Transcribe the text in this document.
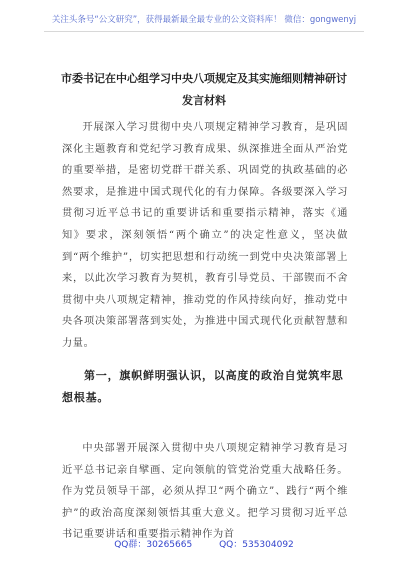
关注头条号“公文研究”，获得最新最全最专业的公文资料库！ 微信：gongwenyj
市委书记在中心组学习中央八项规定及其实施细则精神研讨发言材料
开展深入学习贯彻中央八项规定精神学习教育，是巩固深化主题教育和党纪学习教育成果、纵深推进全面从严治党的重要举措，是密切党群干群关系、巩固党的执政基础的必然要求，是推进中国式现代化的有力保障。各级要深入学习贯彻习近平总书记的重要讲话和重要指示精神，落实《通知》要求，深刻领悟“两个确立”的决定性意义，坚决做到“两个维护”，切实把思想和行动统一到党中央决策部署上来，以此次学习教育为契机，教育引导党员、干部锲而不舍贯彻中央八项规定精神，推动党的作风持续向好，推动党中央各项决策部署落到实处，为推进中国式现代化贡献智慧和力量。
第一，旗帜鲜明强认识，以高度的政治自觉筑牢思想根基。
中央部署开展深入贯彻中央八项规定精神学习教育是习近平总书记亲自擘画、定向领航的管党治党重大战略任务。作为党员领导干部，必须从捍卫“两个确立”、践行“两个维护”的政治高度深刻领悟其重大意义。把学习贯彻习近平总书记重要讲话和重要指示精神作为首
QQ群：30265665	QQ：535304092
